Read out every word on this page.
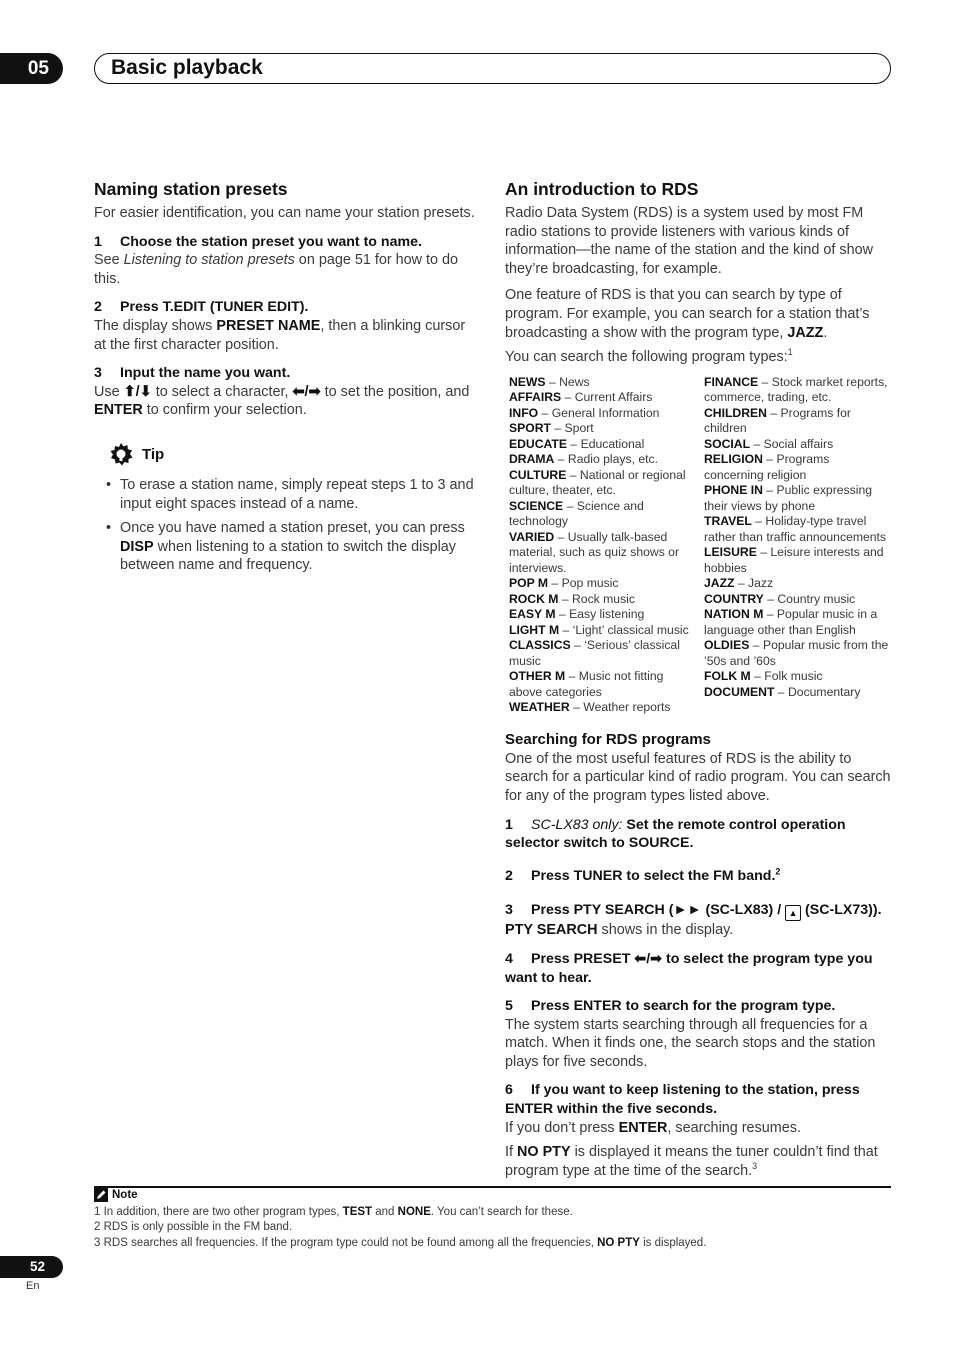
05	Basic playback
Naming station presets

For easier identification, you can name your station presets.

1 Choose the station preset you want to name.

See Listening to station presets on page 51 for how to do this.

2 Press T.EDIT (TUNER EDIT).

The display shows PRESET NAME, then a blinking cursor at the first character position.

3 Input the name you want.

Use ⬆/⬇ to select a character, ⬅/➡ to set the position, and ENTER to confirm your selection.

Tip
• To erase a station name, simply repeat steps 1 to 3 and input eight spaces instead of a name.
• Once you have named a station preset, you can press DISP when listening to a station to switch the display between name and frequency.
An introduction to RDS

Radio Data System (RDS) is a system used by most FM radio stations to provide listeners with various kinds of information—the name of the station and the kind of show they’re broadcasting, for example.

One feature of RDS is that you can search by type of program. For example, you can search for a station that’s broadcasting a show with the program type, JAZZ.

You can search the following program types:$^1$

NEWS – News
AFFAIRS – Current Affairs
INFO – General Information
SPORT – Sport
EDUCATE – Educational
DRAMA – Radio plays, etc.
CULTURE – National or regional culture, theater, etc.
SCIENCE – Science and technology
VARIED – Usually talk-based material, such as quiz shows or interviews.
POP M – Pop music
ROCK M – Rock music
EASY M – Easy listening
LIGHT M – ‘Light’ classical music
CLASSICS – ‘Serious’ classical music
OTHER M – Music not fitting above categories
WEATHER – Weather reports
FINANCE – Stock market reports, commerce, trading, etc.
CHILDREN – Programs for children
SOCIAL – Social affairs
RELIGION – Programs concerning religion
PHONE IN – Public expressing their views by phone
TRAVEL – Holiday-type travel rather than traffic announcements
LEISURE – Leisure interests and hobbies
JAZZ – Jazz
COUNTRY – Country music
NATION M – Popular music in a language other than English
OLDIES – Popular music from the ’50s and ’60s
FOLK M – Folk music
DOCUMENT – Documentary
Searching for RDS programs

One of the most useful features of RDS is the ability to search for a particular kind of radio program. You can search for any of the program types listed above.

1 SC-LX83 only: Set the remote control operation selector switch to SOURCE.
2 Press TUNER to select the FM band.$^2$
3 Press PTY SEARCH (►► (SC-LX83) / ▲ (SC-LX73)).

PTY SEARCH shows in the display.

4 Press PRESET ⬅/➡ to select the program type you want to hear.
5 Press ENTER to search for the program type.

The system starts searching through all frequencies for a match. When it finds one, the search stops and the station plays for five seconds.

6 If you want to keep listening to the station, press ENTER within the five seconds.

If you don’t press ENTER, searching resumes.

If NO PTY is displayed it means the tuner couldn’t find that program type at the time of the search.$^3$

Note
1 In addition, there are two other program types, TEST and NONE. You can’t search for these.
2 RDS is only possible in the FM band.
3 RDS searches all frequencies. If the program type could not be found among all the frequencies, NO PTY is displayed.
52
En
